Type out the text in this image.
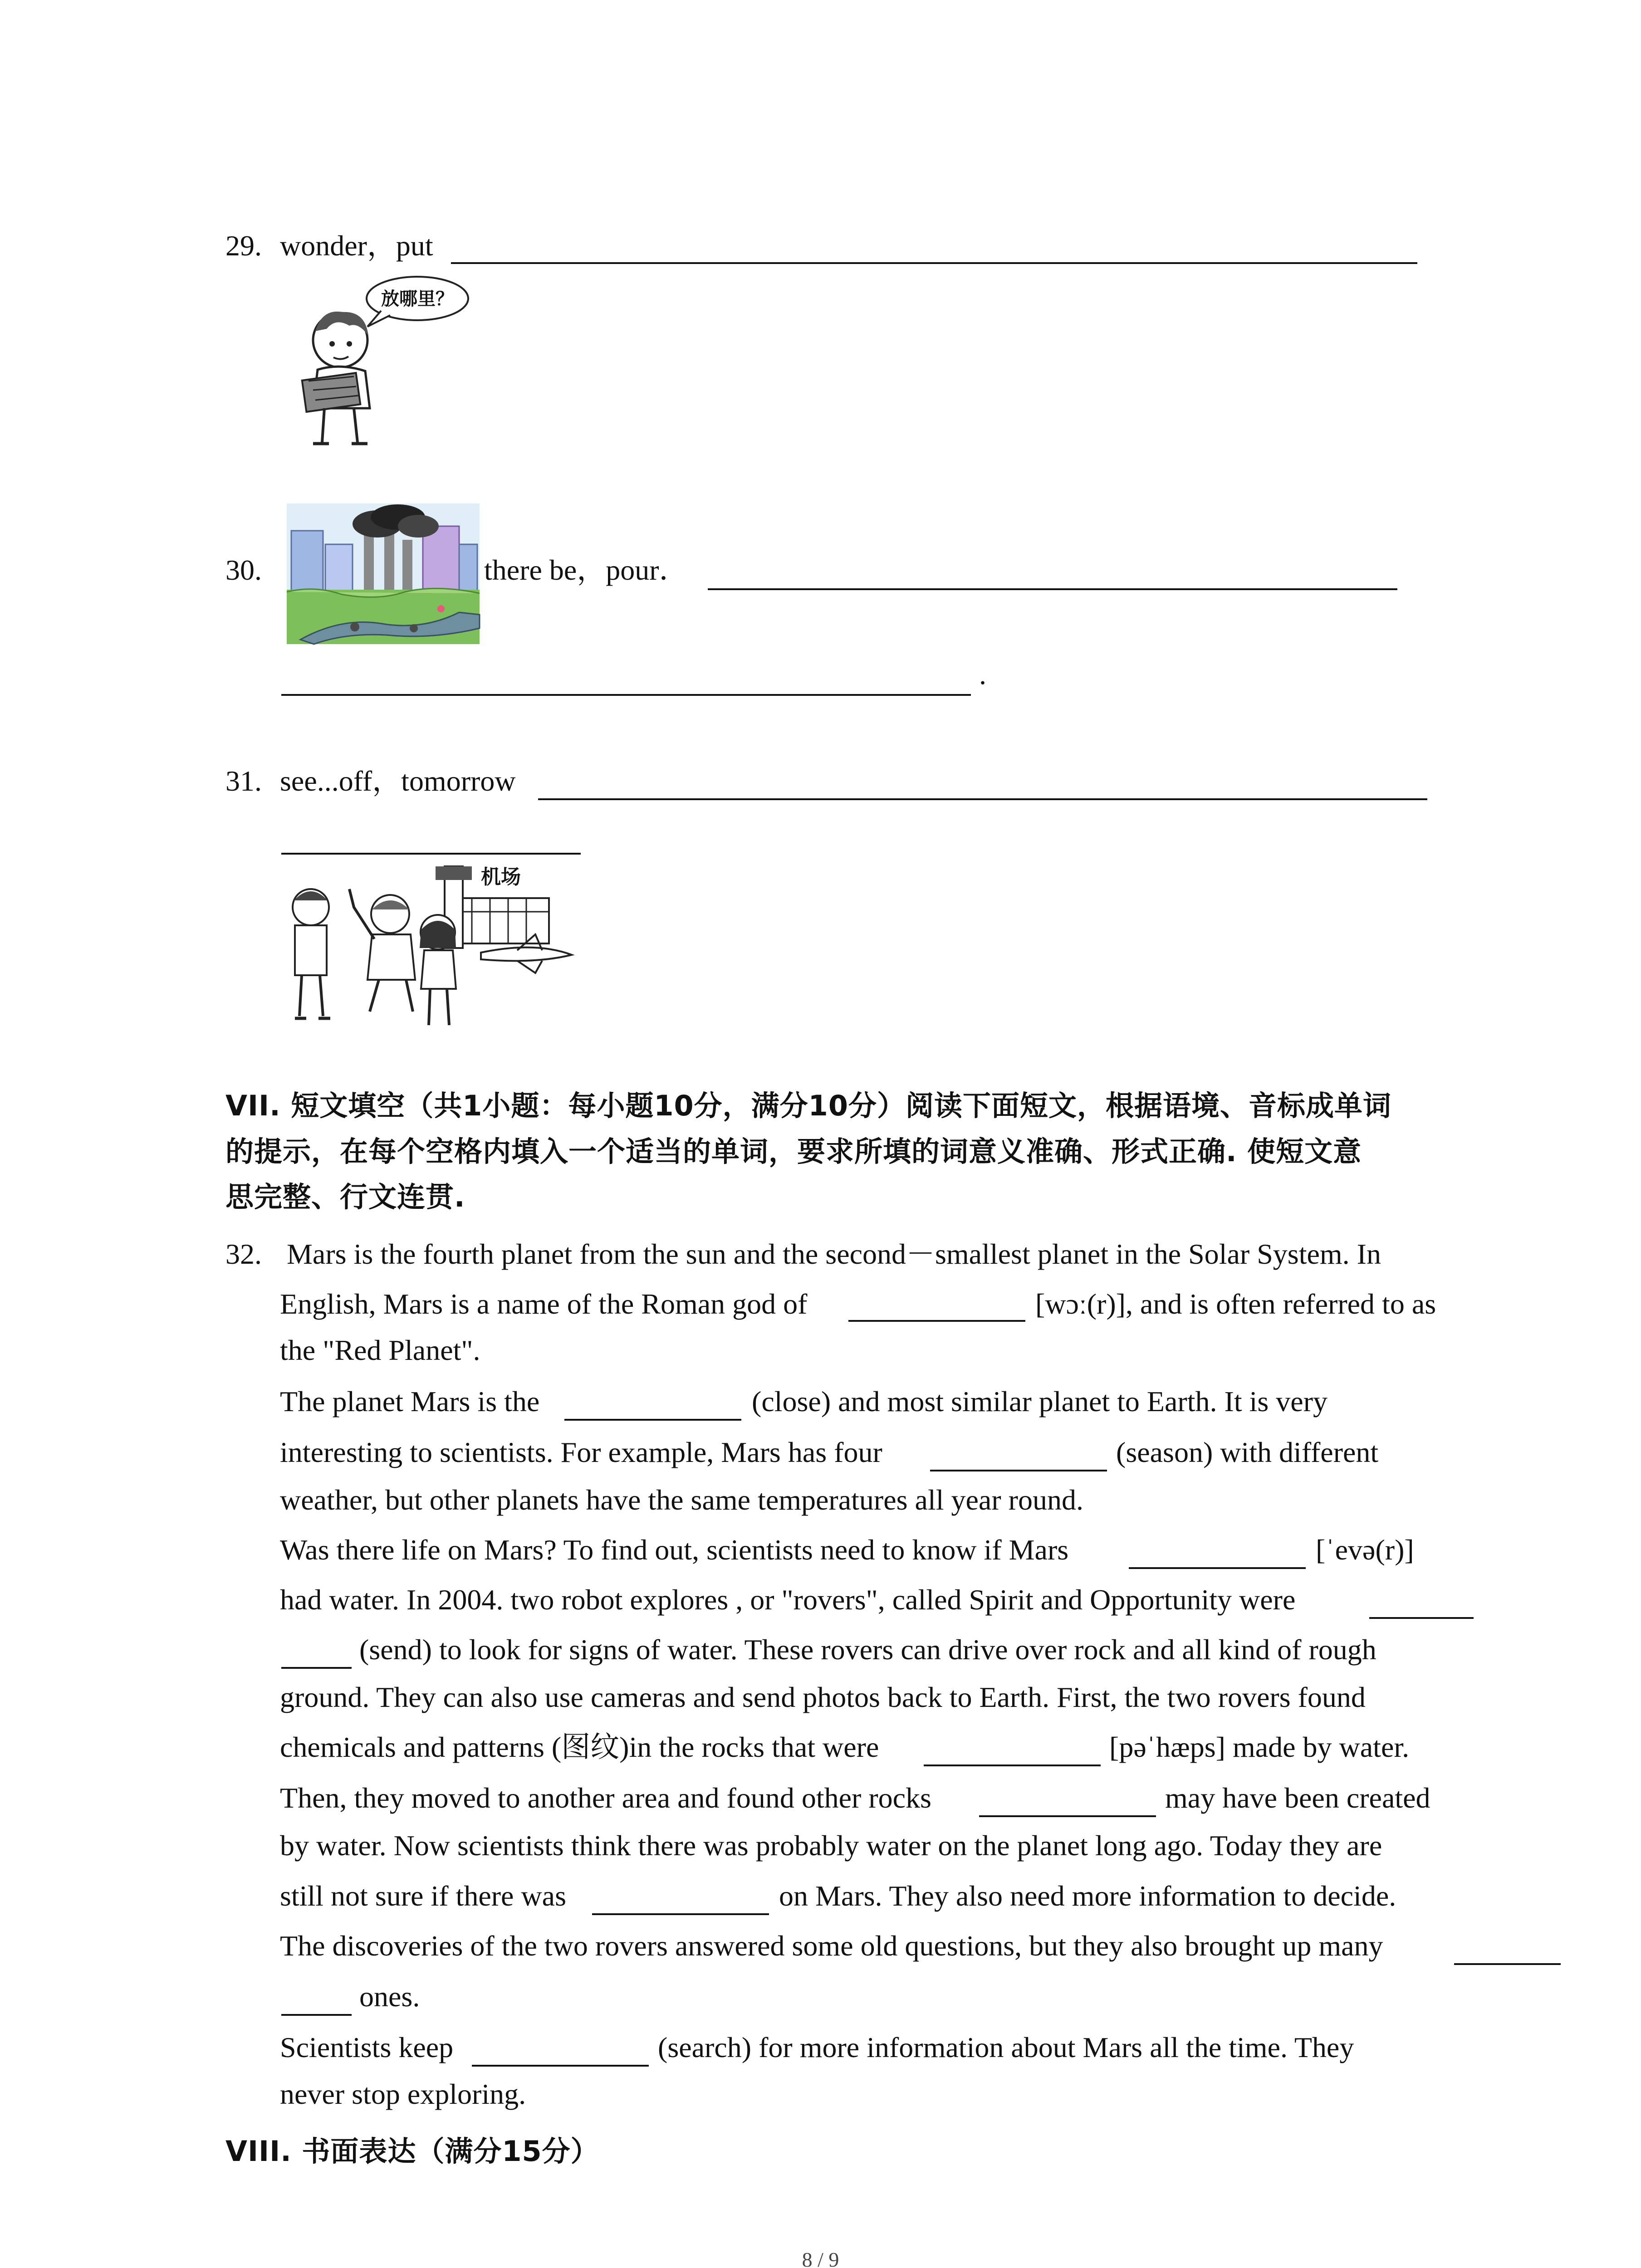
29. wonder，put
放哪里？
30.	there be，pour．
.
31. see...off，tomorrow
机场
VII. 短文填空（共1小题：每小题10分，满分10分）阅读下面短文，根据语境、音标成单词
的提示，在每个空格内填入一个适当的单词，要求所填的词意义准确、形式正确. 使短文意
思完整、行文连贯.
32. Mars is the fourth planet from the sun and the second－smallest planet in the Solar System. In
English, Mars is a name of the Roman god of	[wɔː(r)], and is often referred to as
the "Red Planet".
The planet Mars is the	(close) and most similar planet to Earth. It is very
interesting to scientists. For example, Mars has four	(season) with different
weather, but other planets have the same temperatures all year round.
Was there life on Mars? To find out, scientists need to know if Mars	[ˈevə(r)]
had water. In 2004. two robot explores , or "rovers", called Spirit and Opportunity were
(send) to look for signs of water. These rovers can drive over rock and all kind of rough
ground. They can also use cameras and send photos back to Earth. First, the two rovers found
chemicals and patterns (图纹)in the rocks that were	[pəˈhæps] made by water.
Then, they moved to another area and found other rocks	may have been created
by water. Now scientists think there was probably water on the planet long ago. Today they are
still not sure if there was	on Mars. They also need more information to decide.
The discoveries of the two rovers answered some old questions, but they also brought up many
ones.
Scientists keep	(search) for more information about Mars all the time. They
never stop exploring.
VIII. 书面表达（满分15分）
8 / 9
